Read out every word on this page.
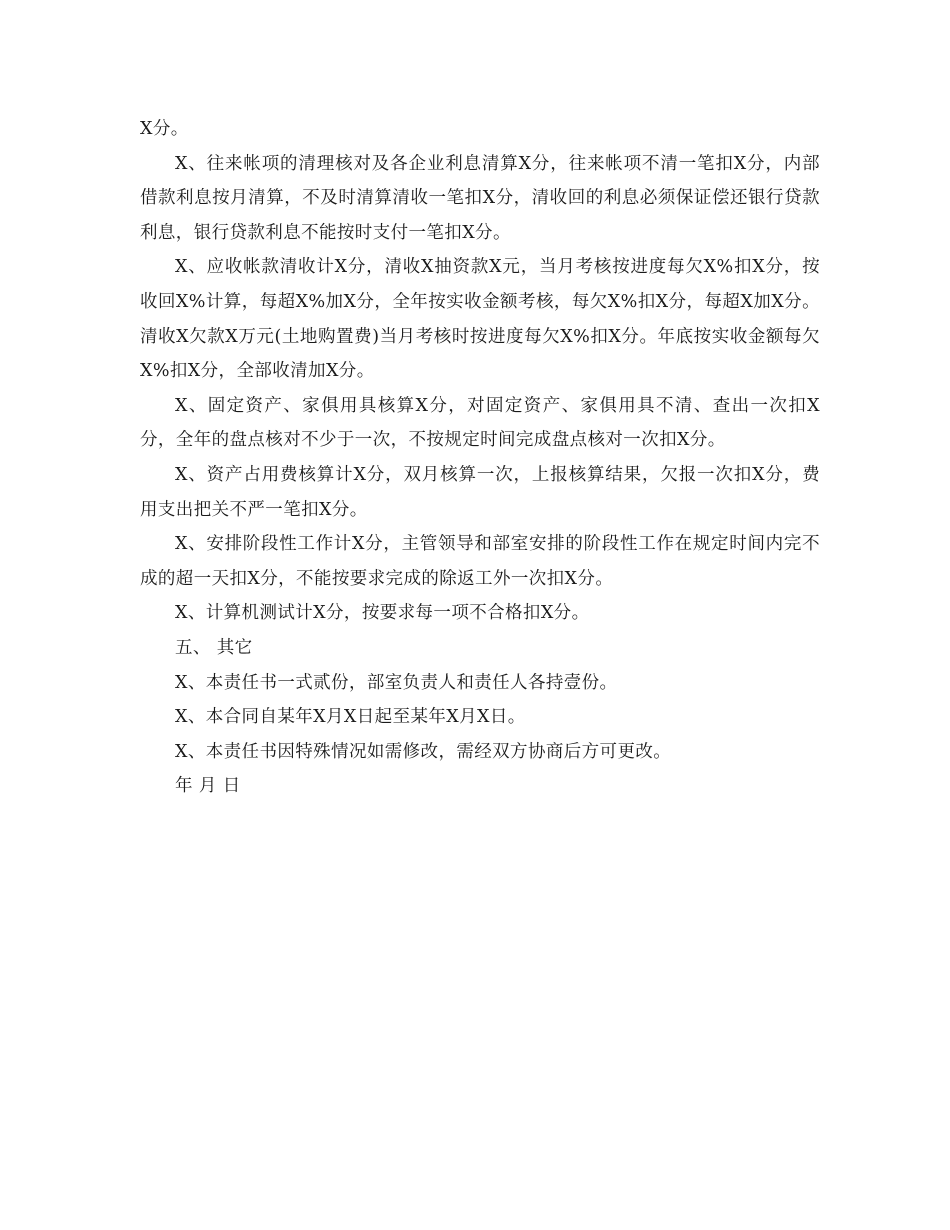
X分。

X、往来帐项的清理核对及各企业利息清算X分，往来帐项不清一笔扣X分，内部借款利息按月清算，不及时清算清收一笔扣X分，清收回的利息必须保证偿还银行贷款利息，银行贷款利息不能按时支付一笔扣X分。

X、应收帐款清收计X分，清收X抽资款X元，当月考核按进度每欠X%扣X分，按收回X%计算，每超X%加X分，全年按实收金额考核，每欠X%扣X分，每超X加X分。清收X欠款X万元(土地购置费)当月考核时按进度每欠X%扣X分。年底按实收金额每欠X%扣X分，全部收清加X分。

X、固定资产、家俱用具核算X分，对固定资产、家俱用具不清、查出一次扣X分，全年的盘点核对不少于一次，不按规定时间完成盘点核对一次扣X分。

X、资产占用费核算计X分，双月核算一次，上报核算结果，欠报一次扣X分，费用支出把关不严一笔扣X分。

X、安排阶段性工作计X分，主管领导和部室安排的阶段性工作在规定时间内完不成的超一天扣X分，不能按要求完成的除返工外一次扣X分。

X、计算机测试计X分，按要求每一项不合格扣X分。

五、 其它

X、本责任书一式贰份，部室负责人和责任人各持壹份。

X、本合同自某年X月X日起至某年X月X日。

X、本责任书因特殊情况如需修改，需经双方协商后方可更改。

年 月 日
